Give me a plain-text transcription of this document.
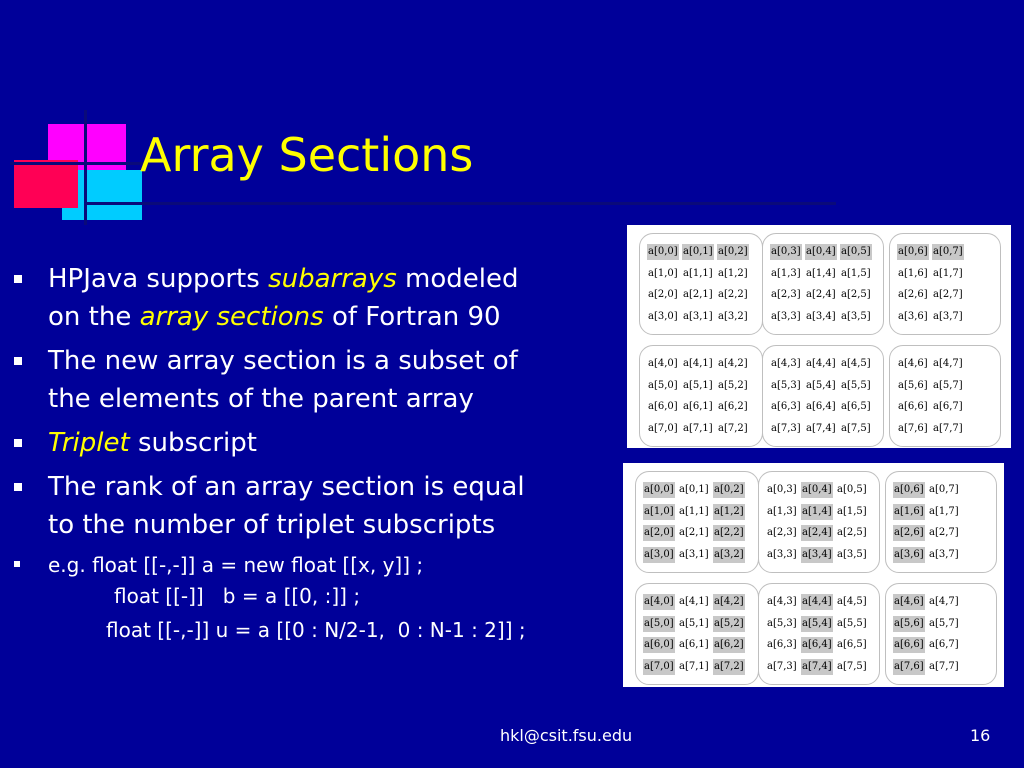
Array Sections
HPJava supports subarrays modeled
on the array sections of Fortran 90
The new array section is a subset of
the elements of the parent array
Triplet subscript
The rank of an array section is equal
to the number of triplet subscripts
e.g. float [[-,-]] a = new float [[x, y]] ;
float [[-]]   b = a [[0, :]] ;
float [[-,-]] u = a [[0 : N/2-1,  0 : N-1 : 2]] ;
a[0,0] a[0,1] a[0,2]
a[1,0] a[1,1] a[1,2]
a[2,0] a[2,1] a[2,2]
a[3,0] a[3,1] a[3,2]
a[0,3] a[0,4] a[0,5]
a[1,3] a[1,4] a[1,5]
a[2,3] a[2,4] a[2,5]
a[3,3] a[3,4] a[3,5]
a[0,6] a[0,7]
a[1,6] a[1,7]
a[2,6] a[2,7]
a[3,6] a[3,7]
a[4,0] a[4,1] a[4,2]
a[5,0] a[5,1] a[5,2]
a[6,0] a[6,1] a[6,2]
a[7,0] a[7,1] a[7,2]
a[4,3] a[4,4] a[4,5]
a[5,3] a[5,4] a[5,5]
a[6,3] a[6,4] a[6,5]
a[7,3] a[7,4] a[7,5]
a[4,6] a[4,7]
a[5,6] a[5,7]
a[6,6] a[6,7]
a[7,6] a[7,7]
a[0,0] a[0,1] a[0,2]
a[1,0] a[1,1] a[1,2]
a[2,0] a[2,1] a[2,2]
a[3,0] a[3,1] a[3,2]
a[0,3] a[0,4] a[0,5]
a[1,3] a[1,4] a[1,5]
a[2,3] a[2,4] a[2,5]
a[3,3] a[3,4] a[3,5]
a[0,6] a[0,7]
a[1,6] a[1,7]
a[2,6] a[2,7]
a[3,6] a[3,7]
a[4,0] a[4,1] a[4,2]
a[5,0] a[5,1] a[5,2]
a[6,0] a[6,1] a[6,2]
a[7,0] a[7,1] a[7,2]
a[4,3] a[4,4] a[4,5]
a[5,3] a[5,4] a[5,5]
a[6,3] a[6,4] a[6,5]
a[7,3] a[7,4] a[7,5]
a[4,6] a[4,7]
a[5,6] a[5,7]
a[6,6] a[6,7]
a[7,6] a[7,7]
hkl@csit.fsu.edu	16
